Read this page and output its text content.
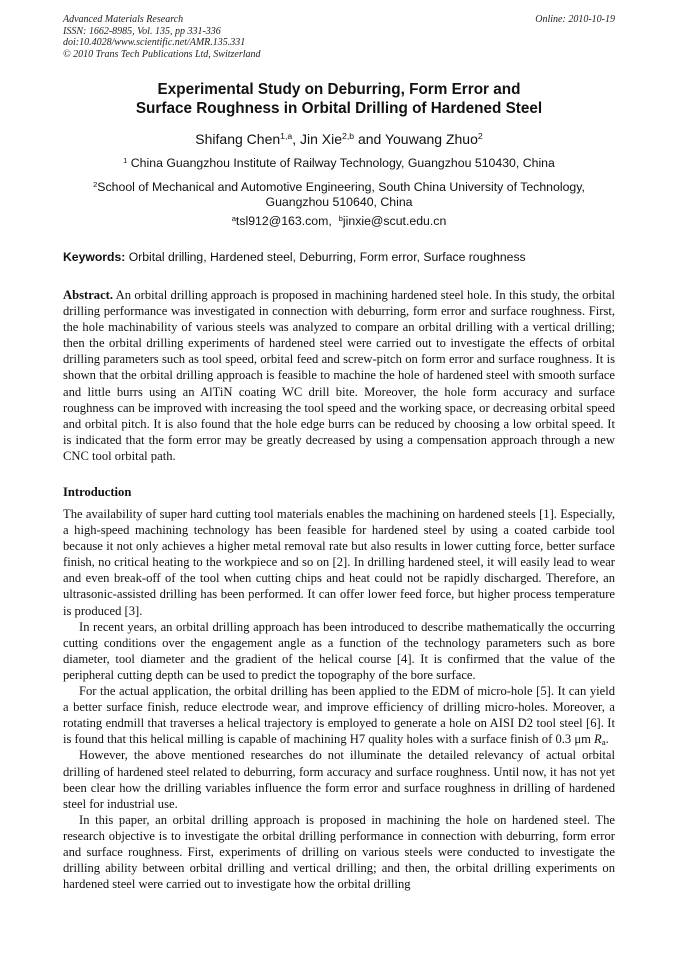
Advanced Materials Research	Online: 2010-10-19
ISSN: 1662-8985, Vol. 135, pp 331-336
doi:10.4028/www.scientific.net/AMR.135.331
© 2010 Trans Tech Publications Ltd, Switzerland
Experimental Study on Deburring, Form Error and
Surface Roughness in Orbital Drilling of Hardened Steel
Shifang Chen$^{1,a}$, Jin Xie$^{2,b}$ and Youwang Zhuo$^2$
$^1$ China Guangzhou Institute of Railway Technology, Guangzhou 510430, China
$^2$School of Mechanical and Automotive Engineering, South China University of Technology,
Guangzhou 510640, China
$^a$tsl912@163.com, $^b$jinxie@scut.edu.cn
Keywords: Orbital drilling, Hardened steel, Deburring, Form error, Surface roughness

Abstract. An orbital drilling approach is proposed in machining hardened steel hole. In this study, the orbital drilling performance was investigated in connection with deburring, form error and surface roughness. First, the hole machinability of various steels was analyzed to compare an orbital drilling with a vertical drilling; then the orbital drilling experiments of hardened steel were carried out to investigate the effects of orbital drilling parameters such as tool speed, orbital feed and screw-pitch on form error and surface roughness. It is shown that the orbital drilling approach is feasible to machine the hole of hardened steel with smooth surface and little burrs using an AlTiN coating WC drill bite. Moreover, the hole form accuracy and surface roughness can be improved with increasing the tool speed and the working space, or decreasing orbital speed and orbital pitch. It is also found that the hole edge burrs can be reduced by choosing a low orbital speed. It is indicated that the form error may be greatly decreased by using a compensation approach through a new CNC tool orbital path.

Introduction

The availability of super hard cutting tool materials enables the machining on hardened steels [1]. Especially, a high-speed machining technology has been feasible for hardened steel by using a coated carbide tool because it not only achieves a higher metal removal rate but also results in lower cutting force, better surface finish, no critical heating to the workpiece and so on [2]. In drilling hardened steel, it will easily lead to wear and even break-off of the tool when cutting chips and heat could not be rapidly discharged. Therefore, an ultrasonic-assisted drilling has been performed. It can offer lower feed force, but higher process temperature is produced [3].

In recent years, an orbital drilling approach has been introduced to describe mathematically the occurring cutting conditions over the engagement angle as a function of the technology parameters such as bore diameter, tool diameter and the gradient of the helical course [4]. It is confirmed that the value of the peripheral cutting depth can be used to predict the topography of the bore surface.

For the actual application, the orbital drilling has been applied to the EDM of micro-hole [5]. It can yield a better surface finish, reduce electrode wear, and improve efficiency of drilling micro-holes. Moreover, a rotating endmill that traverses a helical trajectory is employed to generate a hole on AISI D2 tool steel [6]. It is found that this helical milling is capable of machining H7 quality holes with a surface finish of 0.3 μm $R_a$.

However, the above mentioned researches do not illuminate the detailed relevancy of actual orbital drilling of hardened steel related to deburring, form accuracy and surface roughness. Until now, it has not yet been clear how the drilling variables influence the form error and surface roughness in drilling of hardened steel for industrial use.

In this paper, an orbital drilling approach is proposed in machining the hole on hardened steel. The research objective is to investigate the orbital drilling performance in connection with deburring, form error and surface roughness. First, experiments of drilling on various steels were conducted to investigate the drilling ability between orbital drilling and vertical drilling; and then, the orbital drilling experiments on hardened steel were carried out to investigate how the orbital drilling
